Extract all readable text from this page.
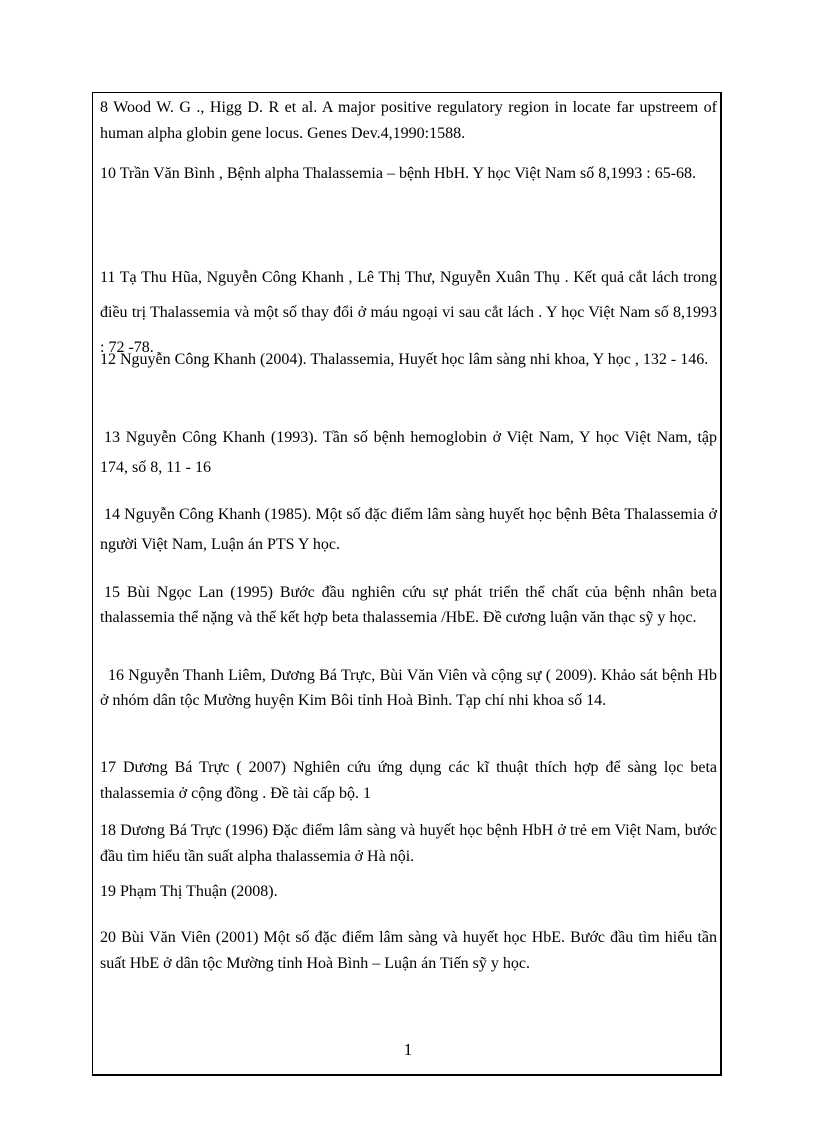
8 Wood W. G ., Higg D. R et al. A major positive regulatory region in locate far upstreem of human alpha globin gene locus. Genes Dev.4,1990:1588.

10 Trần Văn Bình , Bệnh alpha Thalassemia – bệnh HbH. Y học Việt Nam số 8,1993 : 65-68.

11 Tạ Thu Hũa, Nguyễn Công Khanh , Lê Thị Thư, Nguyễn Xuân Thụ . Kết quả cắt lách trong điều trị Thalassemia và một số thay đổi ở máu ngoại vi sau cắt lách . Y học Việt Nam số 8,1993 : 72 -78.

12 Nguyễn Công Khanh (2004). Thalassemia, Huyết học lâm sàng nhi khoa, Y học , 132 - 146.

13 Nguyễn Công Khanh (1993). Tần số bệnh hemoglobin ở Việt Nam, Y học Việt Nam, tập 174, số 8, 11 - 16

14 Nguyễn Công Khanh (1985). Một số đặc điểm lâm sàng huyết học bệnh Bêta Thalassemia ở người Việt Nam, Luận án PTS Y học.

15 Bùi Ngọc Lan (1995) Bước đầu nghiên cứu sự phát triển thể chất của bệnh nhân beta thalassemia thể nặng và thể kết hợp beta thalassemia /HbE. Đề cương luận văn thạc sỹ y học.

16 Nguyễn Thanh Liêm, Dương Bá Trực, Bùi Văn Viên và cộng sự ( 2009). Khảo sát bệnh Hb ở nhóm dân tộc Mường huyện Kim Bôi tỉnh Hoà Bình. Tạp chí nhi khoa số 14.

17 Dương Bá Trực ( 2007) Nghiên cứu ứng dụng các kĩ thuật thích hợp để sàng lọc beta thalassemia ở cộng đồng . Đề tài cấp bộ. 1

18 Dương Bá Trực (1996) Đặc điểm lâm sàng và huyết học bệnh HbH ở trẻ em Việt Nam, bước đầu tìm hiểu tần suất alpha thalassemia ở Hà nội.

19 Phạm Thị Thuận (2008).

20 Bùi Văn Viên (2001) Một số đặc điểm lâm sàng và huyết học HbE. Bước đầu tìm hiểu tần suất HbE ở dân tộc Mường tỉnh Hoà Bình – Luận án Tiến sỹ y học.

1
